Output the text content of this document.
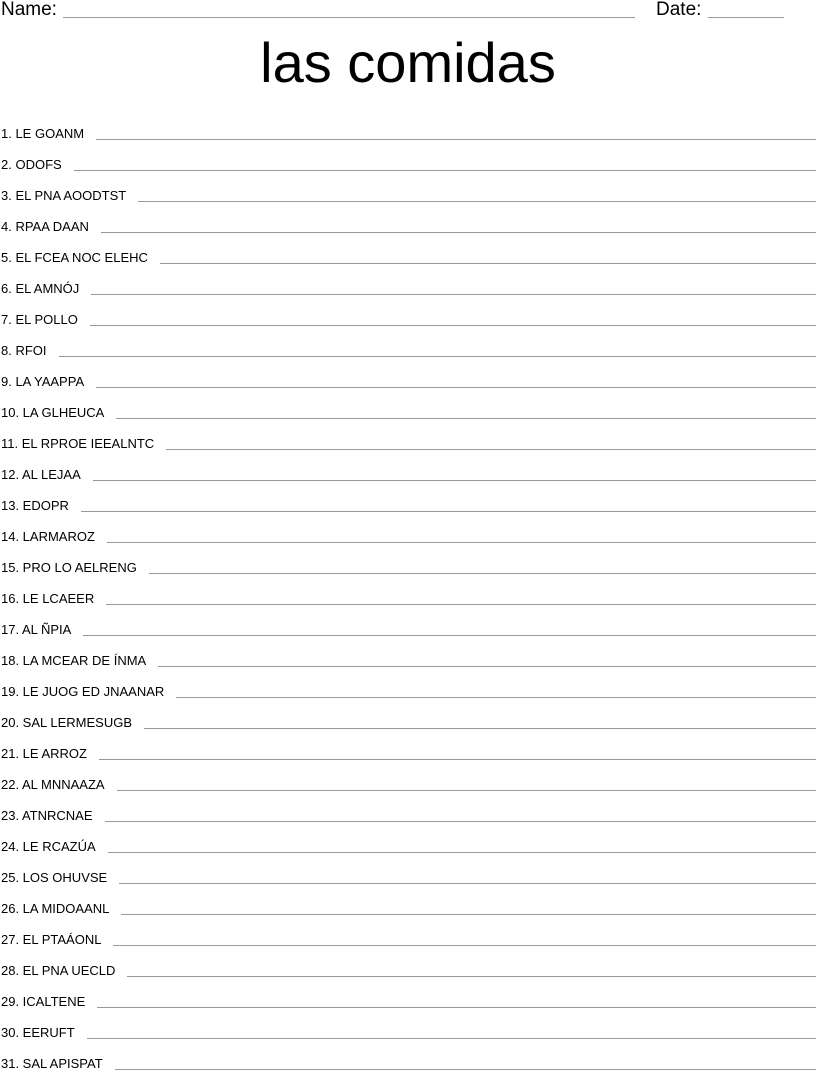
Name:	Date:
las comidas
1. LE GOANM
2. ODOFS
3. EL PNA AOODTST
4. RPAA DAAN
5. EL FCEA NOC ELEHC
6. EL AMNÓJ
7. EL POLLO
8. RFOI
9. LA YAAPPA
10. LA GLHEUCA
11. EL RPROE IEEALNTC
12. AL LEJAA
13. EDOPR
14. LARMAROZ
15. PRO LO AELRENG
16. LE LCAEER
17. AL ÑPIA
18. LA MCEAR DE ÍNMA
19. LE JUOG ED JNAANAR
20. SAL LERMESUGB
21. LE ARROZ
22. AL MNNAAZA
23. ATNRCNAE
24. LE RCAZÚA
25. LOS OHUVSE
26. LA MIDOAANL
27. EL PTAÁONL
28. EL PNA UECLD
29. ICALTENE
30. EERUFT
31. SAL APISPAT
